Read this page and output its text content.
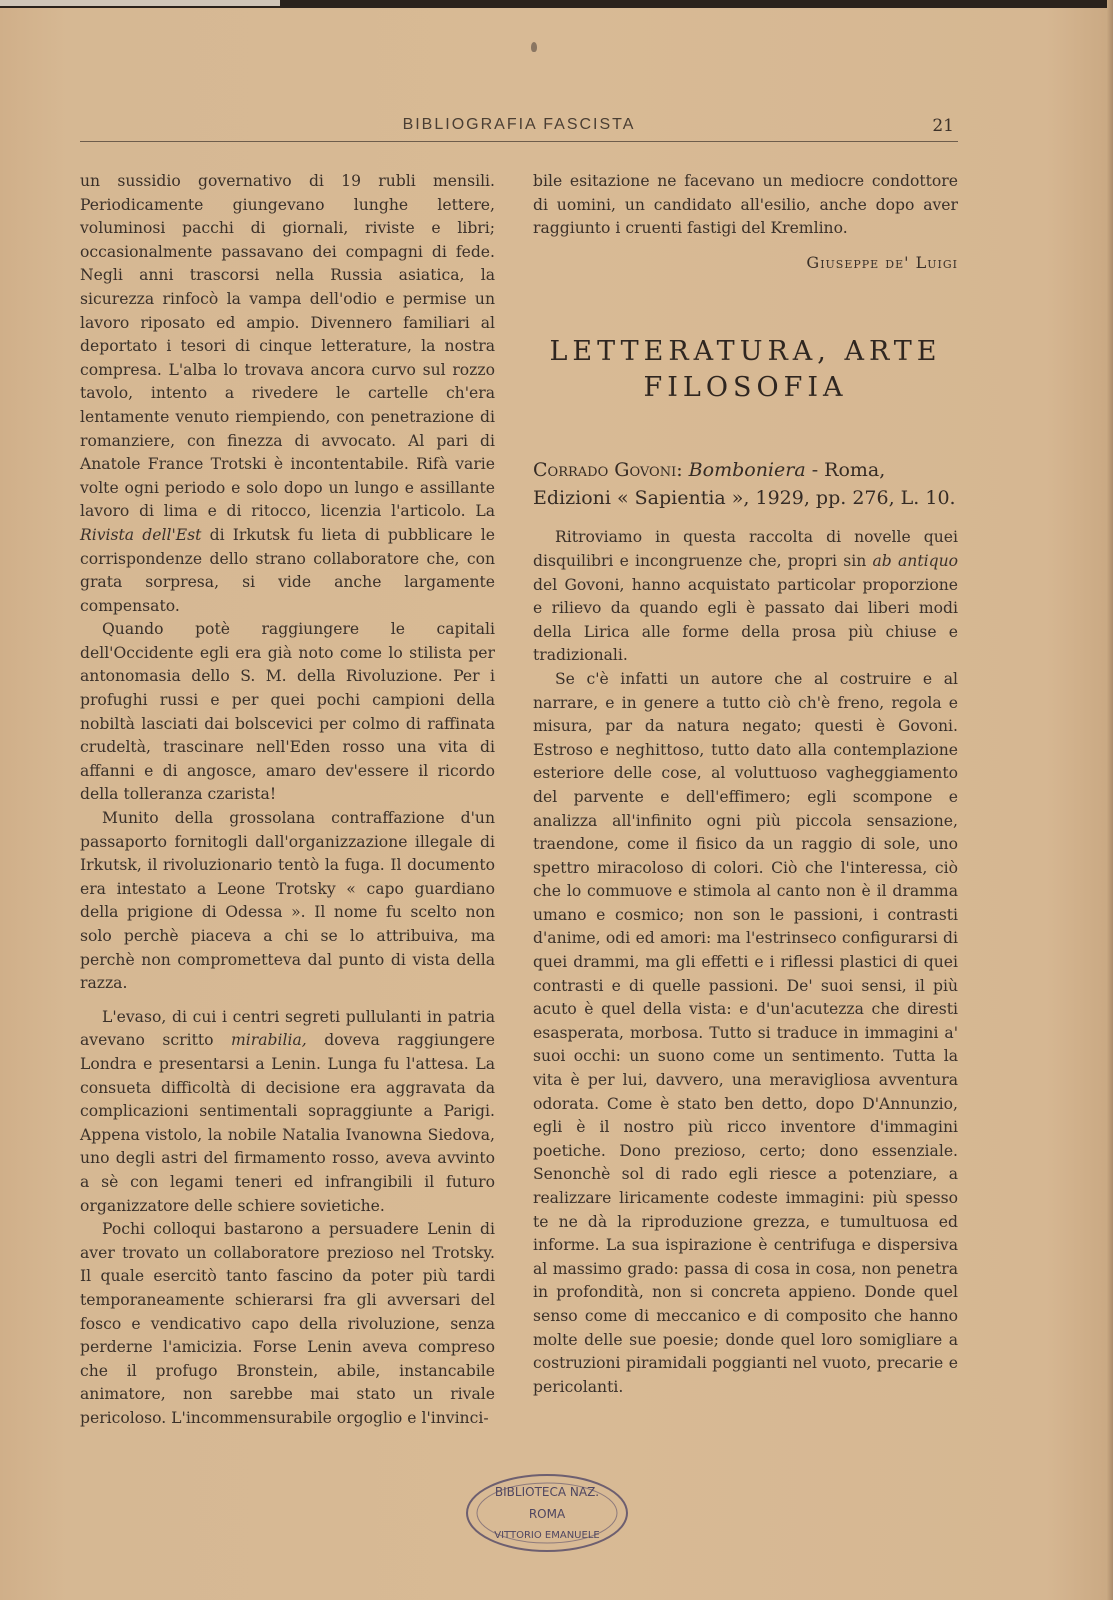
BIBLIOGRAFIA FASCISTA	21

un sussidio governativo di 19 rubli mensili. Periodicamente giungevano lunghe lettere, voluminosi pacchi di giornali, riviste e libri; occasionalmente passavano dei compagni di fede. Negli anni trascorsi nella Russia asiatica, la sicurezza rinfocò la vampa dell'odio e permise un lavoro riposato ed ampio. Divennero familiari al deportato i tesori di cinque letterature, la nostra compresa. L'alba lo trovava ancora curvo sul rozzo tavolo, intento a rivedere le cartelle ch'era lentamente venuto riempiendo, con penetrazione di romanziere, con finezza di avvocato. Al pari di Anatole France Trotski è incontentabile. Rifà varie volte ogni periodo e solo dopo un lungo e assillante lavoro di lima e di ritocco, licenzia l'articolo. La Rivista dell'Est di Irkutsk fu lieta di pubblicare le corrispondenze dello strano collaboratore che, con grata sorpresa, si vide anche largamente compensato.

Quando potè raggiungere le capitali dell'Occidente egli era già noto come lo stilista per antonomasia dello S. M. della Rivoluzione. Per i profughi russi e per quei pochi campioni della nobiltà lasciati dai bolscevici per colmo di raffinata crudeltà, trascinare nell'Eden rosso una vita di affanni e di angosce, amaro dev'essere il ricordo della tolleranza czarista!

Munito della grossolana contraffazione d'un passaporto fornitogli dall'organizzazione illegale di Irkutsk, il rivoluzionario tentò la fuga. Il documento era intestato a Leone Trotsky « capo guardiano della prigione di Odessa ». Il nome fu scelto non solo perchè piaceva a chi se lo attribuiva, ma perchè non comprometteva dal punto di vista della razza.

L'evaso, di cui i centri segreti pullulanti in patria avevano scritto mirabilia, doveva raggiungere Londra e presentarsi a Lenin. Lunga fu l'attesa. La consueta difficoltà di decisione era aggravata da complicazioni sentimentali sopraggiunte a Parigi. Appena vistolo, la nobile Natalia Ivanowna Siedova, uno degli astri del firmamento rosso, aveva avvinto a sè con legami teneri ed infrangibili il futuro organizzatore delle schiere sovietiche.

Pochi colloqui bastarono a persuadere Lenin di aver trovato un collaboratore prezioso nel Trotsky. Il quale esercitò tanto fascino da poter più tardi temporaneamente schierarsi fra gli avversari del fosco e vendicativo capo della rivoluzione, senza perderne l'amicizia. Forse Lenin aveva compreso che il profugo Bronstein, abile, instancabile animatore, non sarebbe mai stato un rivale pericoloso. L'incommensurabile orgoglio e l'invinci-

bile esitazione ne facevano un mediocre condottore di uomini, un candidato all'esilio, anche dopo aver raggiunto i cruenti fastigi del Kremlino.

Giuseppe de' Luigi

LETTERATURA, ARTE
FILOSOFIA

Corrado Govoni: Bomboniera - Roma, Edizioni « Sapientia », 1929, pp. 276, L. 10.

Ritroviamo in questa raccolta di novelle quei disquilibri e incongruenze che, propri sin ab antiquo del Govoni, hanno acquistato particolar proporzione e rilievo da quando egli è passato dai liberi modi della Lirica alle forme della prosa più chiuse e tradizionali.

Se c'è infatti un autore che al costruire e al narrare, e in genere a tutto ciò ch'è freno, regola e misura, par da natura negato; questi è Govoni. Estroso e neghittoso, tutto dato alla contemplazione esteriore delle cose, al voluttuoso vagheggiamento del parvente e dell'effimero; egli scompone e analizza all'infinito ogni più piccola sensazione, traendone, come il fisico da un raggio di sole, uno spettro miracoloso di colori. Ciò che l'interessa, ciò che lo commuove e stimola al canto non è il dramma umano e cosmico; non son le passioni, i contrasti d'anime, odi ed amori: ma l'estrinseco configurarsi di quei drammi, ma gli effetti e i riflessi plastici di quei contrasti e di quelle passioni. De' suoi sensi, il più acuto è quel della vista: e d'un'acutezza che diresti esasperata, morbosa. Tutto si traduce in immagini a' suoi occhi: un suono come un sentimento. Tutta la vita è per lui, davvero, una meravigliosa avventura odorata. Come è stato ben detto, dopo D'Annunzio, egli è il nostro più ricco inventore d'immagini poetiche. Dono prezioso, certo; dono essenziale. Senonchè sol di rado egli riesce a potenziare, a realizzare liricamente codeste immagini: più spesso te ne dà la riproduzione grezza, e tumultuosa ed informe. La sua ispirazione è centrifuga e dispersiva al massimo grado: passa di cosa in cosa, non penetra in profondità, non si concreta appieno. Donde quel senso come di meccanico e di composito che hanno molte delle sue poesie; donde quel loro somigliare a costruzioni piramidali poggianti nel vuoto, precarie e pericolanti.

BIBLIOTECA NAZ.
ROMA
VITTORIO EMANUELE
